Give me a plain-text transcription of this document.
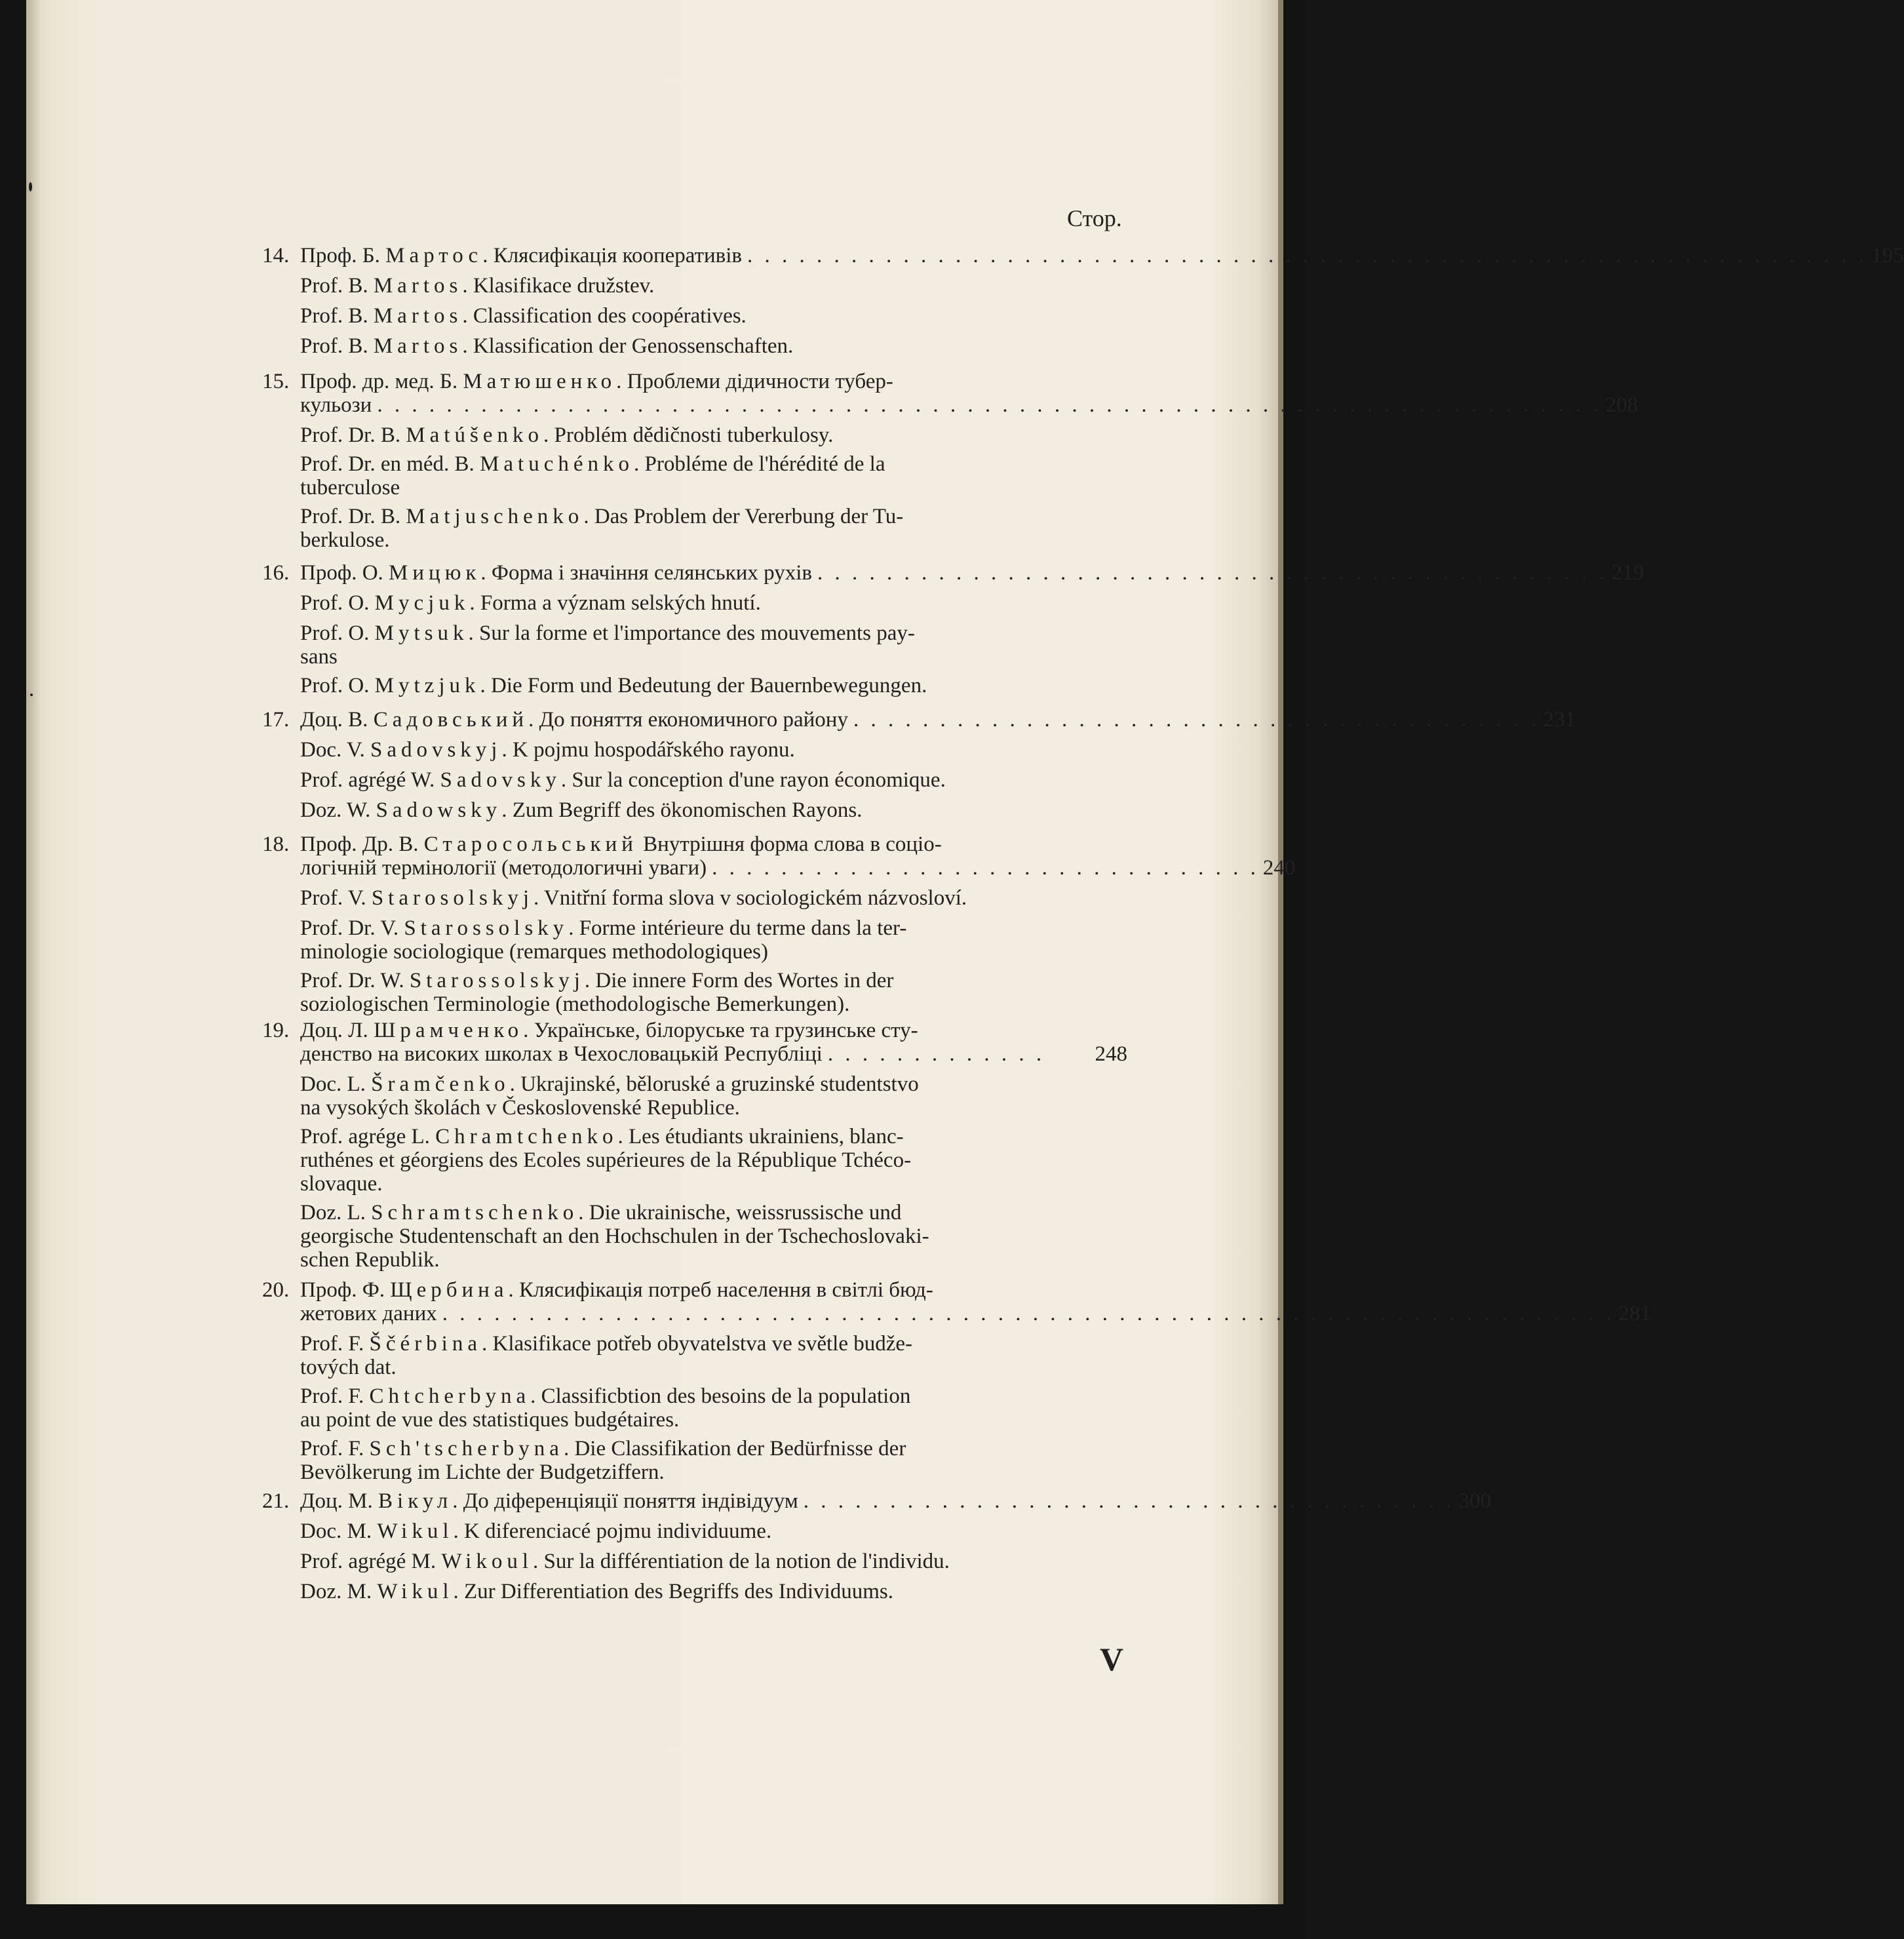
Стор.
14. Проф. Б. Мартос. Клясифікація кооперативів . . . . . . . . . . . . . . . . . . . . . . . . . . . . . . . . . . . . . . . . . . . . . . . . . . . . . . . . . . . . . . . . . 195
Prof. B. Martos. Klasifikace družstev.
Prof. B. Martos. Classification des coopératives.
Prof. B. Martos. Klassification der Genossenschaften.
15. Проф. др. мед. Б. Матюшенко. Проблеми дідичности тубер-
кульози . . . . . . . . . . . . . . . . . . . . . . . . . . . . . . . . . . . . . . . . . . . . . . . . . . . . . . . . . . . . . . . . . . . . . . . 208
Prof. Dr. B. Matúšenko. Problém dědičnosti tuberkulosy.
Prof. Dr. en méd. B. Matuchénko. Probléme de l'hérédité de la
tuberculose
Prof. Dr. B. Matjuschenko. Das Problem der Vererbung der Tu-
berkulose.
16. Проф. О. Мицюк. Форма і значіння селянських рухів . . . . . . . . . . . . . . . . . . . . . . . . . . . . . . . . . . . . . . . . . . . . . . 219
Prof. O. Mycjuk. Forma a význam selských hnutí.
Prof. O. Mytsuk. Sur la forme et l'importance des mouvements pay-
sans
Prof. O. Mytzjuk. Die Form und Bedeutung der Bauernbewegungen.
17. Доц. В. Садовський. До поняття економичного району . . . . . . . . . . . . . . . . . . . . . . . . . . . . . . . . . . . . . . . . 231
Doc. V. Sadovskyj. K pojmu hospodářského rayonu.
Prof. agrégé W. Sadovsky. Sur la conception d'une rayon économique.
Doz. W. Sadowsky. Zum Begriff des ökonomischen Rayons.
18. Проф. Др. В. Старосольський Внутрішня форма слова в соціо-
логічній термінології (методологичні уваги) . . . . . . . . . . . . . . . . . . . . . . . . . . . . . . . . 240
Prof. V. Starosolskyj. Vnitřní forma slova v sociologickém názvosloví.
Prof. Dr. V. Starossolsky. Forme intérieure du terme dans la ter-
minologie sociologique (remarques methodologiques)
Prof. Dr. W. Starossolskyj. Die innere Form des Wortes in der
soziologischen Terminologie (methodologische Bemerkungen).
19. Доц. Л. Шрамченко. Українське, білоруське та грузинське сту-
денство на високих школах в Чехословацькій Республіці . . . . . . . . . . . . .	248
Doc. L. Šramčenko. Ukrajinské, běloruské a gruzinské studentstvo
na vysokých školách v Československé Republice.
Prof. agrége L. Chramtchenko. Les étudiants ukrainiens, blanc-
ruthénes et géorgiens des Ecoles supérieures de la République Tchéco-
slovaque.
Doz. L. Schramtschenko. Die ukrainische, weissrussische und
georgische Studentenschaft an den Hochschulen in der Tschechoslovaki-
schen Republik.
20. Проф. Ф. Щербина. Клясифікація потреб населення в світлі бюд-
жетових даних . . . . . . . . . . . . . . . . . . . . . . . . . . . . . . . . . . . . . . . . . . . . . . . . . . . . . . . . . . . . . . . . . . . . 281
Prof. F. Ščérbina. Klasifikace potřeb obyvatelstva ve světle budže-
tových dat.
Prof. F. Chtcherbyna. Classificbtion des besoins de la population
au point de vue des statistiques budgétaires.
Prof. F. Sch'tscherbyna. Die Classifikation der Bedürfnisse der
Bevölkerung im Lichte der Budgetziffern.
21. Доц. М. Вікул. До діференціяції поняття індівідуум . . . . . . . . . . . . . . . . . . . . . . . . . . . . . . . . . . . . . . 300
Doc. M. Wikul. K diferenciacé pojmu individuume.
Prof. agrégé M. Wikoul. Sur la différentiation de la notion de l'individu.
Doz. M. Wikul. Zur Differentiation des Begriffs des Individuums.
V
